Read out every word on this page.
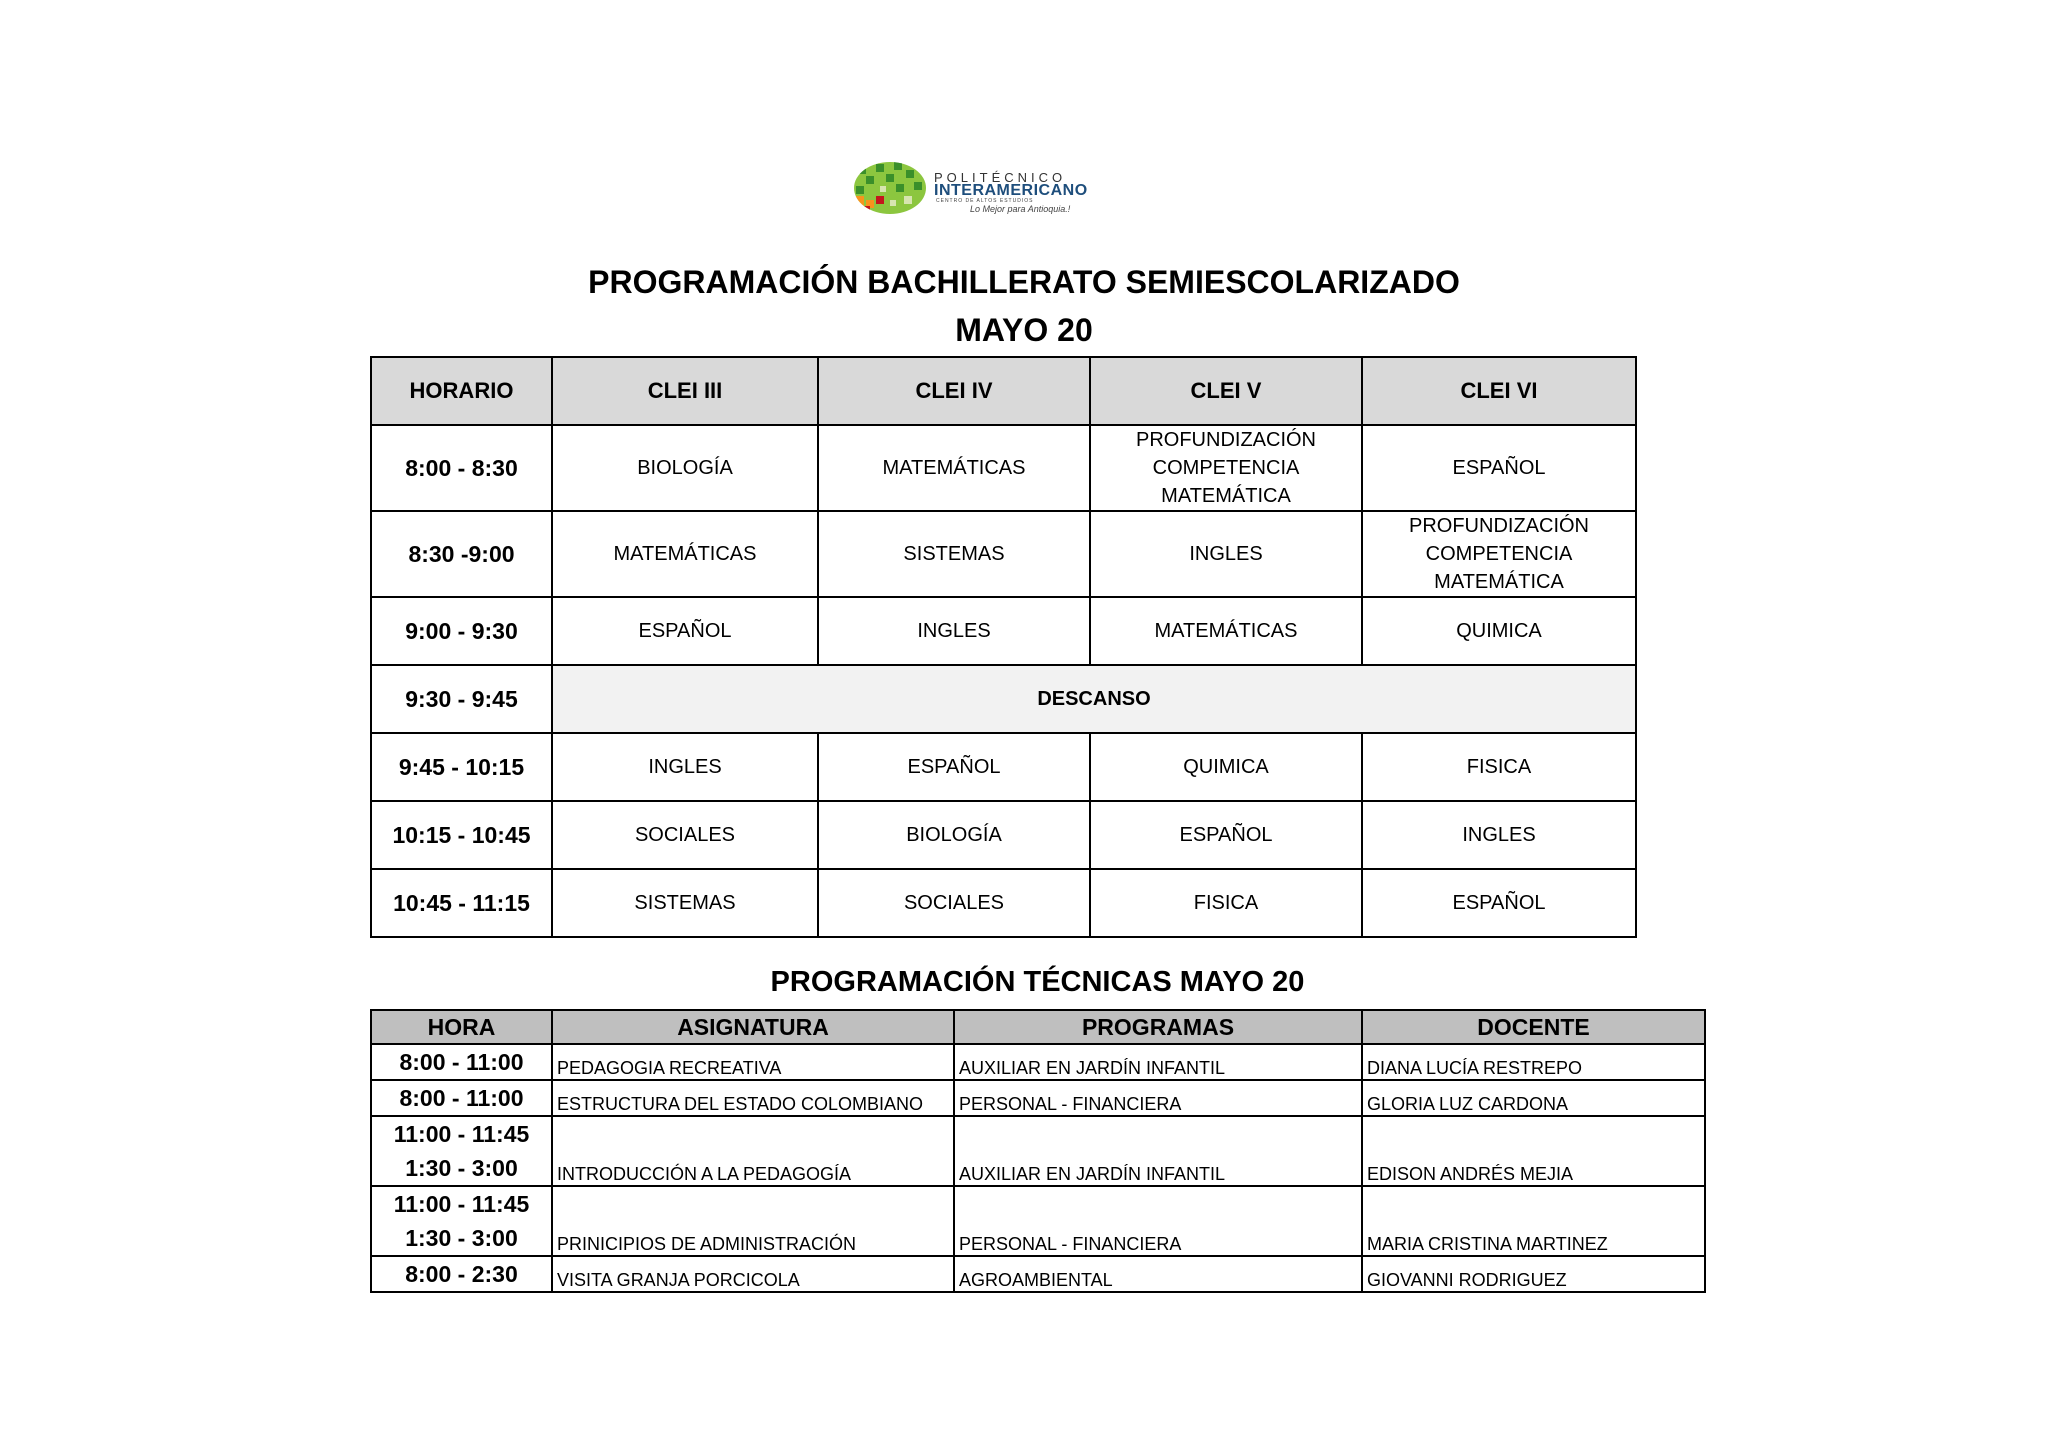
POLITÉCNICO
INTERAMERICANO
CENTRO DE ALTOS ESTUDIOS
Lo Mejor para Antioquia.!
PROGRAMACIÓN BACHILLERATO SEMIESCOLARIZADO
MAYO 20
HORARIO	CLEI III	CLEI IV	CLEI V	CLEI VI
8:00 - 8:30	BIOLOGÍA	MATEMÁTICAS	PROFUNDIZACIÓN COMPETENCIA MATEMÁTICA	ESPAÑOL
8:30 -9:00	MATEMÁTICAS	SISTEMAS	INGLES	PROFUNDIZACIÓN COMPETENCIA MATEMÁTICA
9:00 - 9:30	ESPAÑOL	INGLES	MATEMÁTICAS	QUIMICA
9:30 - 9:45	DESCANSO			
9:45 - 10:15	INGLES	ESPAÑOL	QUIMICA	FISICA
10:15 - 10:45	SOCIALES	BIOLOGÍA	ESPAÑOL	INGLES
10:45 - 11:15	SISTEMAS	SOCIALES	FISICA	ESPAÑOL
PROGRAMACIÓN TÉCNICAS MAYO 20
HORA	ASIGNATURA	PROGRAMAS	DOCENTE

8:00 - 11:00	PEDAGOGIA RECREATIVA	AUXILIAR EN JARDÍN INFANTIL	DIANA LUCÍA RESTREPO

8:00 - 11:00	ESTRUCTURA DEL ESTADO COLOMBIANO	PERSONAL - FINANCIERA	GLORIA LUZ CARDONA

11:00 - 11:45
1:30 - 3:00	INTRODUCCIÓN A LA PEDAGOGÍA	AUXILIAR EN JARDÍN INFANTIL	EDISON ANDRÉS MEJIA

11:00 - 11:45
1:30 - 3:00	PRINICIPIOS DE ADMINISTRACIÓN	PERSONAL - FINANCIERA	MARIA CRISTINA MARTINEZ

8:00 - 2:30	VISITA GRANJA PORCICOLA	AGROAMBIENTAL	GIOVANNI RODRIGUEZ
